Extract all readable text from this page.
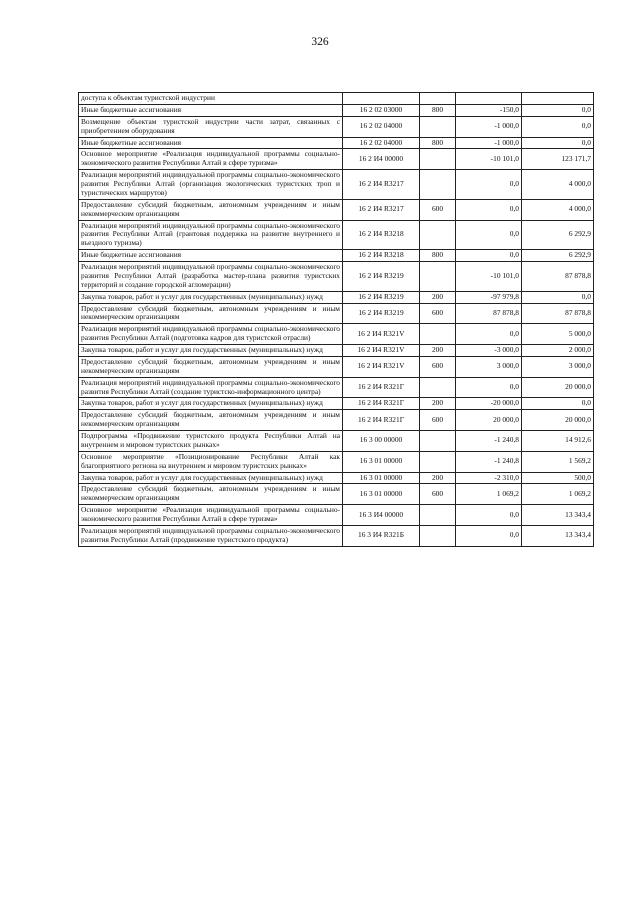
326
доступа к объектам туристской индустрии				
Иные бюджетные ассигнования	16 2 02 03000	800	-150,0	0,0
Возмещение объектам туристской индустрии части затрат, связанных с приобретением оборудования	16 2 02 04000		-1 000,0	0,0
Иные бюджетные ассигнования	16 2 02 04000	800	-1 000,0	0,0
Основное мероприятие «Реализация индивидуальной программы социально-экономического развития Республики Алтай в сфере туризма»	16 2 И4 00000		-10 101,0	123 171,7
Реализация мероприятий индивидуальной программы социально-экономического развития Республики Алтай (организация экологических туристских троп и туристических маршрутов)	16 2 И4 R3217		0,0	4 000,0
Предоставление субсидий бюджетным, автономным учреждениям и иным некоммерческим организациям	16 2 И4 R3217	600	0,0	4 000,0
Реализация мероприятий индивидуальной программы социально-экономического развития Республики Алтай (грантовая поддержка на развитие внутреннего и въездного туризма)	16 2 И4 R3218		0,0	6 292,9
Иные бюджетные ассигнования	16 2 И4 R3218	800	0,0	6 292,9
Реализация мероприятий индивидуальной программы социально-экономического развития Республики Алтай (разработка мастер-плана развития туристских территорий и создание городской агломерации)	16 2 И4 R3219		-10 101,0	87 878,8
Закупка товаров, работ и услуг для государственных (муниципальных) нужд	16 2 И4 R3219	200	-97 979,8	0,0
Предоставление субсидий бюджетным, автономным учреждениям и иным некоммерческим организациям	16 2 И4 R3219	600	87 878,8	87 878,8
Реализация мероприятий индивидуальной программы социально-экономического развития Республики Алтай (подготовка кадров для туристской отрасли)	16 2 И4 R321V		0,0	5 000,0
Закупка товаров, работ и услуг для государственных (муниципальных) нужд	16 2 И4 R321V	200	-3 000,0	2 000,0
Предоставление субсидий бюджетным, автономным учреждениям и иным некоммерческим организациям	16 2 И4 R321V	600	3 000,0	3 000,0
Реализация мероприятий индивидуальной программы социально-экономического развития Республики Алтай (создание туристско-информационного центра)	16 2 И4 R321Г		0,0	20 000,0
Закупка товаров, работ и услуг для государственных (муниципальных) нужд	16 2 И4 R321Г	200	-20 000,0	0,0
Предоставление субсидий бюджетным, автономным учреждениям и иным некоммерческим организациям	16 2 И4 R321Г	600	20 000,0	20 000,0
Подпрограмма «Продвижение туристского продукта Республики Алтай на внутреннем и мировом туристских рынках»	16 3 00 00000		-1 240,8	14 912,6
Основное мероприятие «Позиционирование Республики Алтай как благоприятного региона на внутреннем и мировом туристских рынках»	16 3 01 00000		-1 240,8	1 569,2
Закупка товаров, работ и услуг для государственных (муниципальных) нужд	16 3 01 00000	200	-2 310,0	500,0
Предоставление субсидий бюджетным, автономным учреждениям и иным некоммерческим организациям	16 3 01 00000	600	1 069,2	1 069,2
Основное мероприятие «Реализация индивидуальной программы социально-экономического развития Республики Алтай в сфере туризма»	16 3 И4 00000		0,0	13 343,4
Реализация мероприятий индивидуальной программы социально-экономического развития Республики Алтай (продвижение туристского продукта)	16 3 И4 R321Б		0,0	13 343,4
